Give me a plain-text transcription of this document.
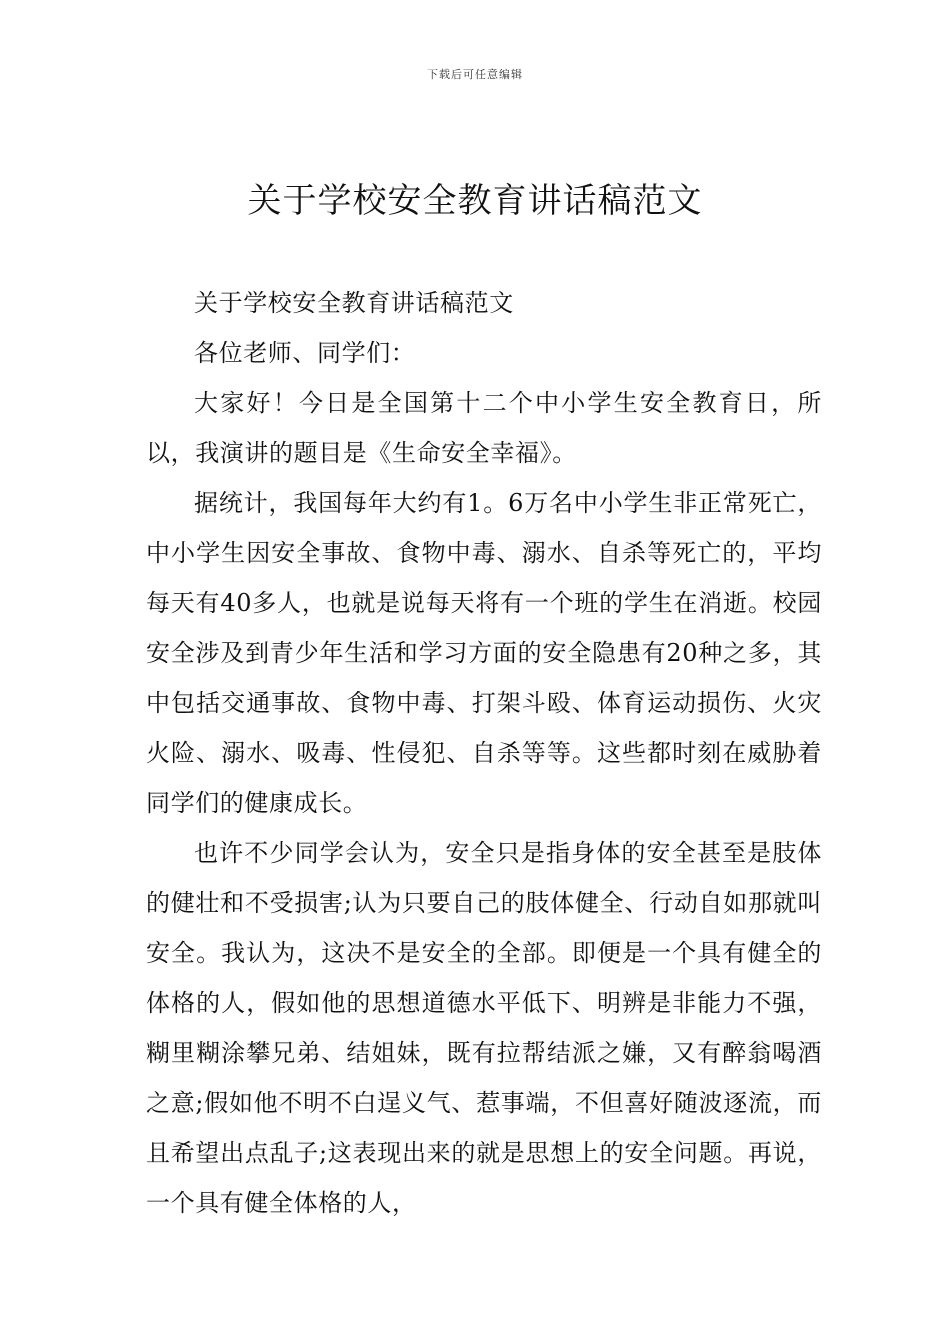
下载后可任意编辑
关于学校安全教育讲话稿范文

关于学校安全教育讲话稿范文

各位老师、同学们：

大家好！今日是全国第十二个中小学生安全教育日，所以，我演讲的题目是《生命安全幸福》。

据统计，我国每年大约有1。6万名中小学生非正常死亡，中小学生因安全事故、食物中毒、溺水、自杀等死亡的，平均每天有40多人，也就是说每天将有一个班的学生在消逝。校园安全涉及到青少年生活和学习方面的安全隐患有20种之多，其中包括交通事故、食物中毒、打架斗殴、体育运动损伤、火灾火险、溺水、吸毒、性侵犯、自杀等等。这些都时刻在威胁着同学们的健康成长。

也许不少同学会认为，安全只是指身体的安全甚至是肢体的健壮和不受损害;认为只要自己的肢体健全、行动自如那就叫安全。我认为，这决不是安全的全部。即便是一个具有健全的体格的人，假如他的思想道德水平低下、明辨是非能力不强，糊里糊涂攀兄弟、结姐妹，既有拉帮结派之嫌，又有醉翁喝酒之意;假如他不明不白逞义气、惹事端，不但喜好随波逐流，而且希望出点乱子;这表现出来的就是思想上的安全问题。再说，一个具有健全体格的人，
